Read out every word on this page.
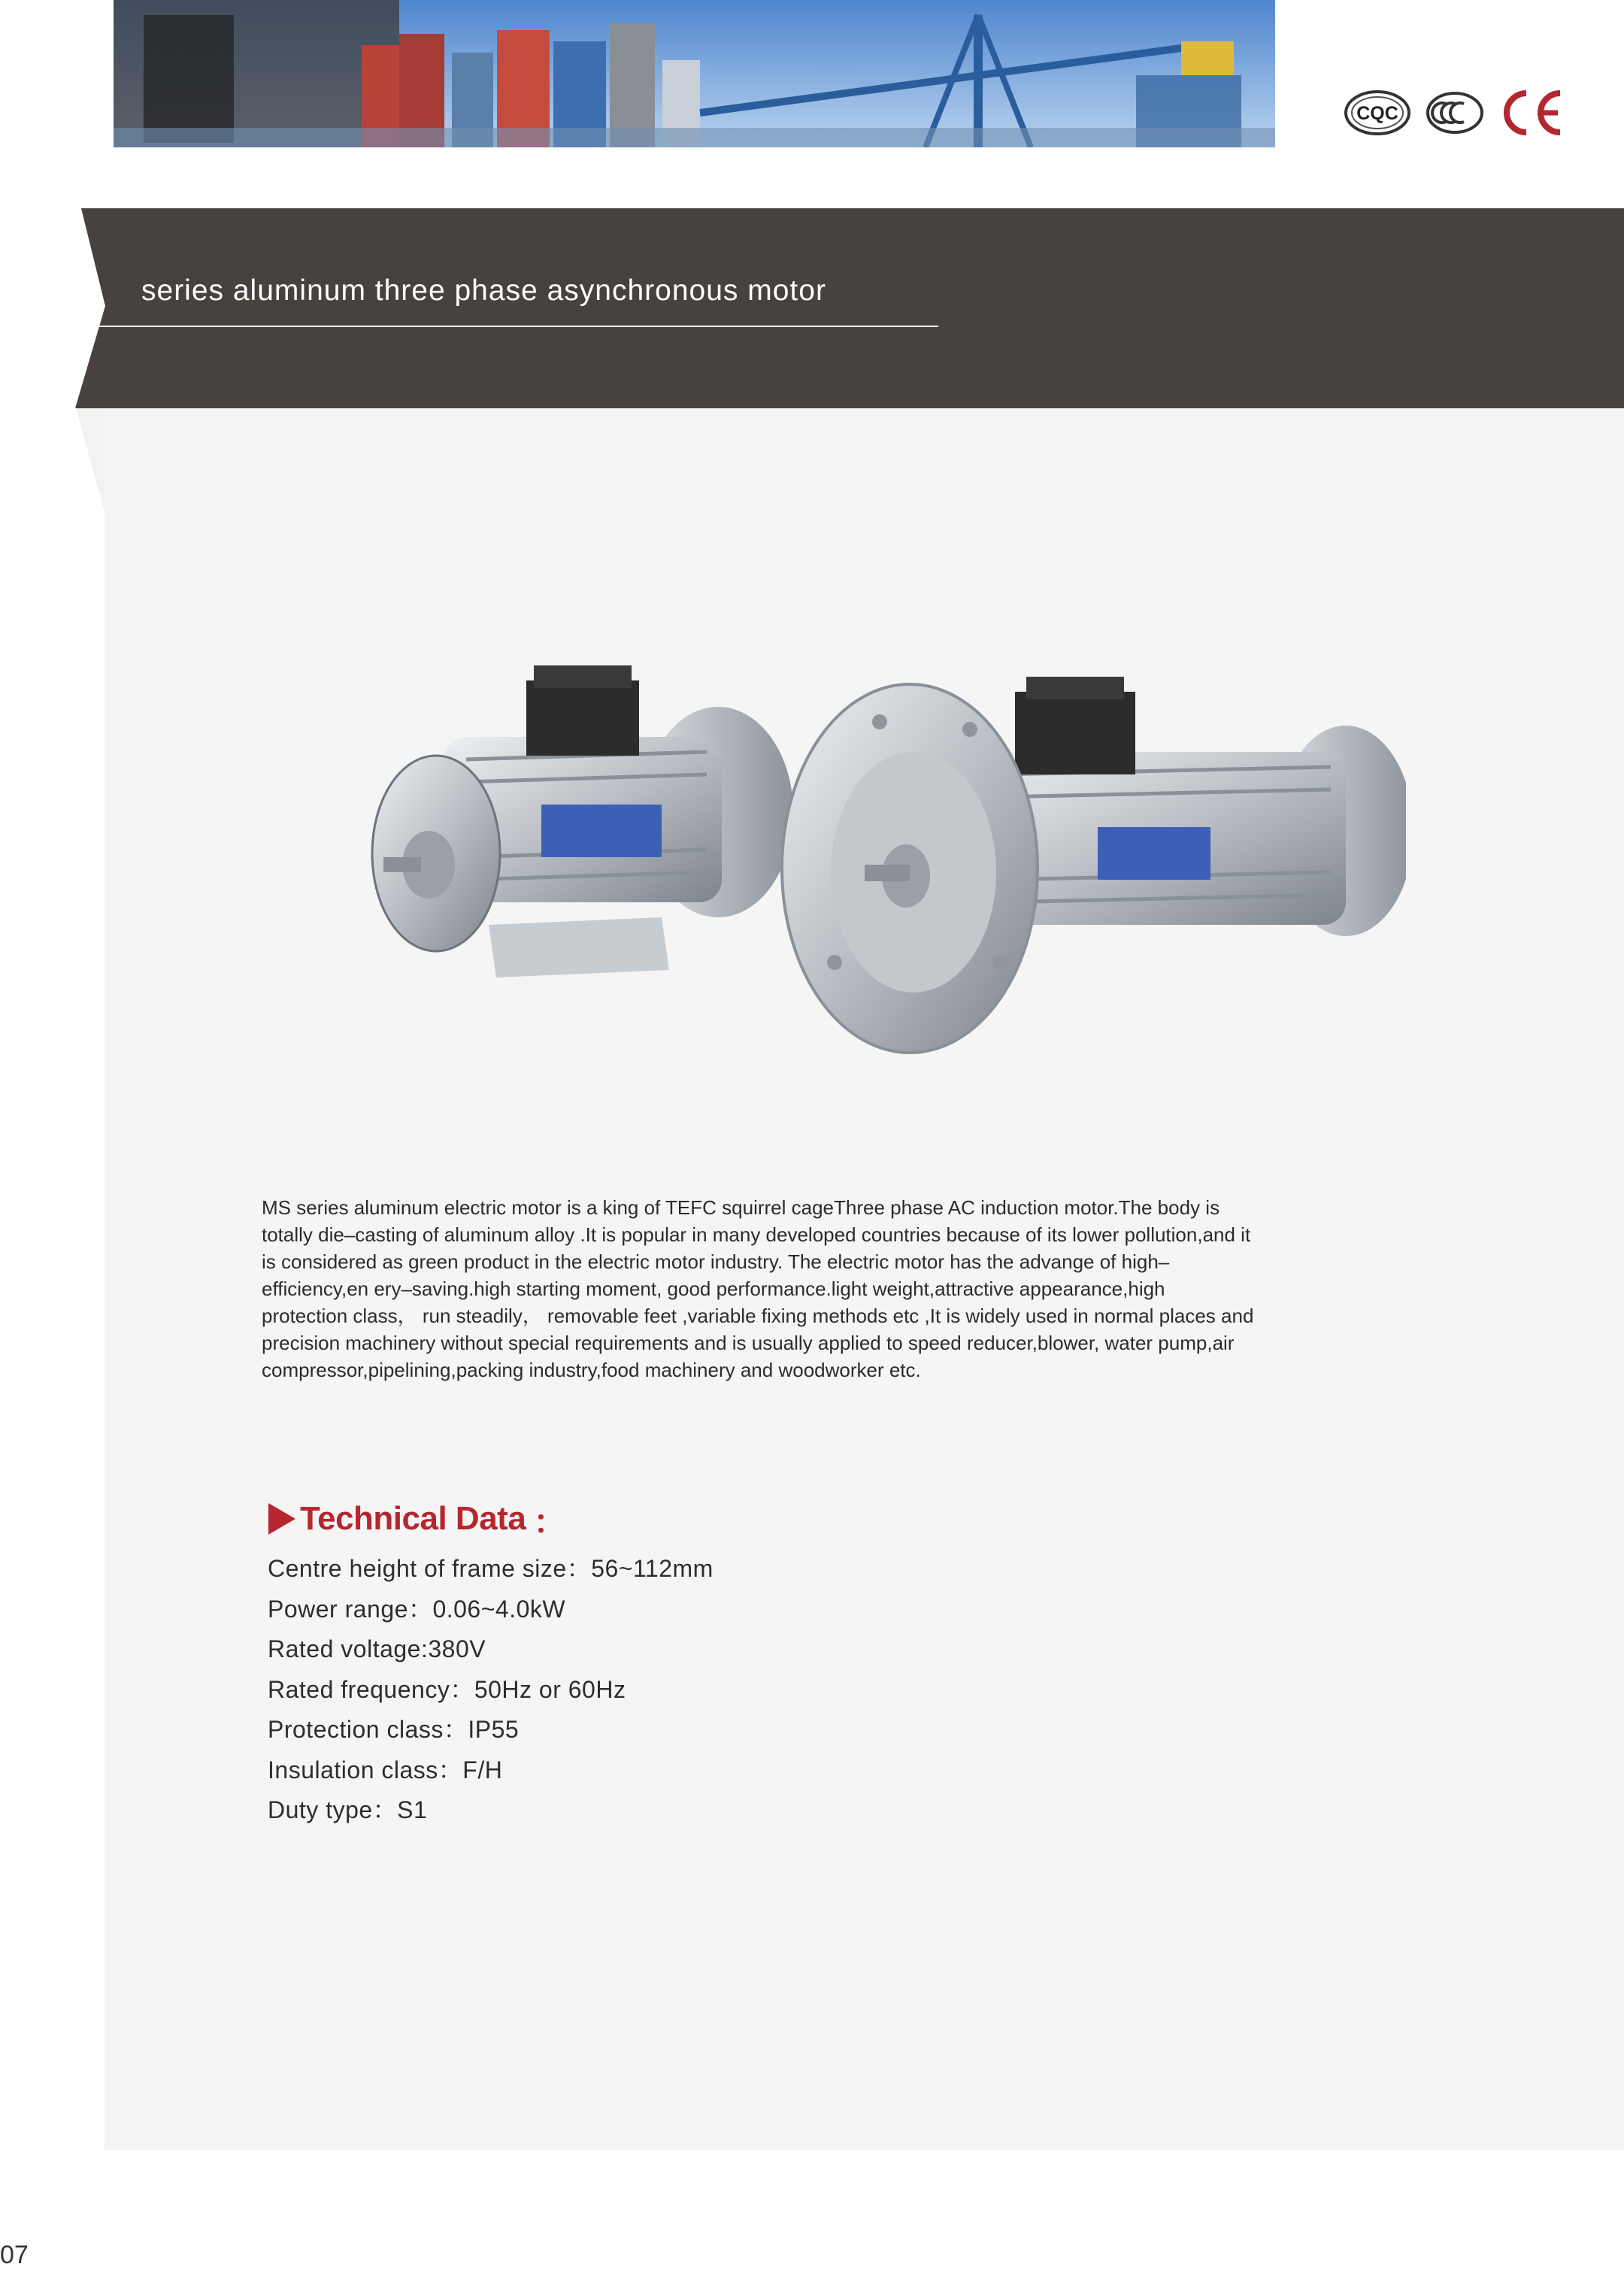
CQC
series aluminum three phase asynchronous motor

MS series aluminum electric motor is a king of TEFC squirrel cageThree phase AC induction motor.The body is totally die–casting of aluminum alloy .It is popular in many developed countries because of its lower pollution,and it is considered as green product in the electric motor industry. The electric motor has the advange of high–efficiency,en ery–saving.high starting moment, good performance.light weight,attractive appearance,high protection class， run steadily， removable feet ,variable fixing methods etc ,It is widely used in normal places and precision machinery without special requirements and is usually applied to speed reducer,blower, water pump,air compressor,pipelining,packing industry,food machinery and woodworker etc.

Technical Data ：
Centre height of frame size：56~112mm
Power range：0.06~4.0kW
Rated voltage:380V
Rated frequency：50Hz or 60Hz
Protection class：IP55
Insulation class：F/H
Duty type：S1
07
